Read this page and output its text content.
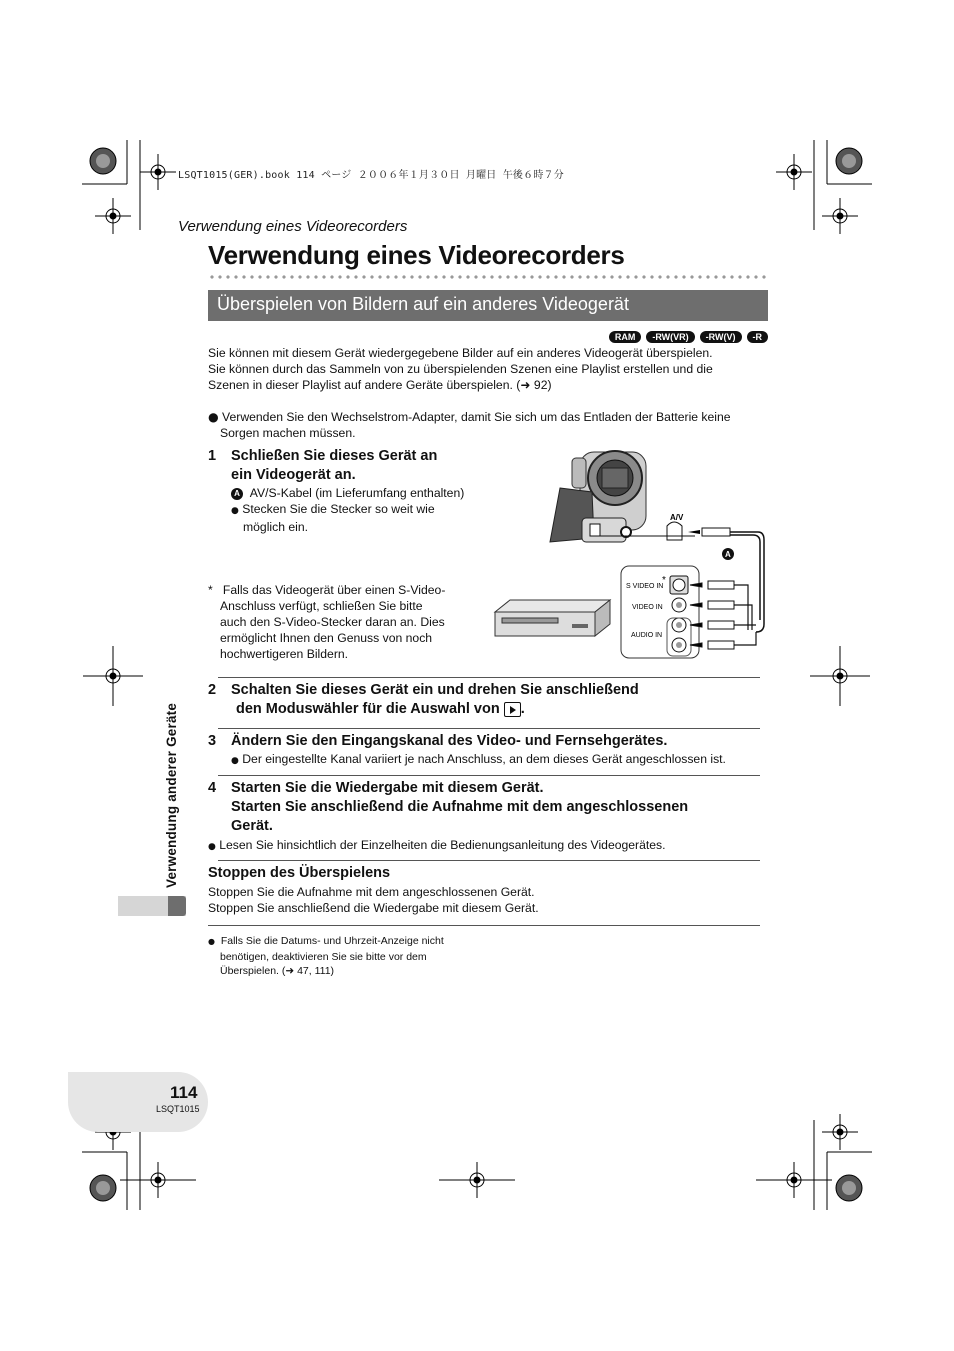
LSQT1015(GER).book 114 ページ ２００６年１月３０日 月曜日 午後６時７分
Verwendung eines Videorecorders
Verwendung eines Videorecorders
Überspielen von Bildern auf ein anderes Videogerät
RAM	-RW(VR)	-RW(V)	-R
Sie können mit diesem Gerät wiedergegebene Bilder auf ein anderes Videogerät überspielen.
Sie können durch das Sammeln von zu überspielenden Szenen eine Playlist erstellen und die
Szenen in dieser Playlist auf andere Geräte überspielen. (➜ 92)
● Verwenden Sie den Wechselstrom-Adapter, damit Sie sich um das Entladen der Batterie keine
Sorgen machen müssen.
1 Schließen Sie dieses Gerät an
ein Videogerät an.
A AV/S-Kabel (im Lieferumfang enthalten)
● Stecken Sie die Stecker so weit wie
möglich ein.
* Falls das Videogerät über einen S-Video-
Anschluss verfügt, schließen Sie bitte
auch den S-Video-Stecker daran an. Dies
ermöglicht Ihnen den Genuss von noch
hochwertigeren Bildern.
A/V
A
S VIDEO IN
*
VIDEO IN
AUDIO IN
2 Schalten Sie dieses Gerät ein und drehen Sie anschließend
den Moduswähler für die Auswahl von .
3 Ändern Sie den Eingangskanal des Video- und Fernsehgerätes.
● Der eingestellte Kanal variiert je nach Anschluss, an dem dieses Gerät angeschlossen ist.
4 Starten Sie die Wiedergabe mit diesem Gerät.
Starten Sie anschließend die Aufnahme mit dem angeschlossenen
Gerät.
● Lesen Sie hinsichtlich der Einzelheiten die Bedienungsanleitung des Videogerätes.
Stoppen des Überspielens
Stoppen Sie die Aufnahme mit dem angeschlossenen Gerät.
Stoppen Sie anschließend die Wiedergabe mit diesem Gerät.
● Falls Sie die Datums- und Uhrzeit-Anzeige nicht
benötigen, deaktivieren Sie sie bitte vor dem
Überspielen. (➜ 47, 111)
Verwendung anderer Geräte
114
LSQT1015
